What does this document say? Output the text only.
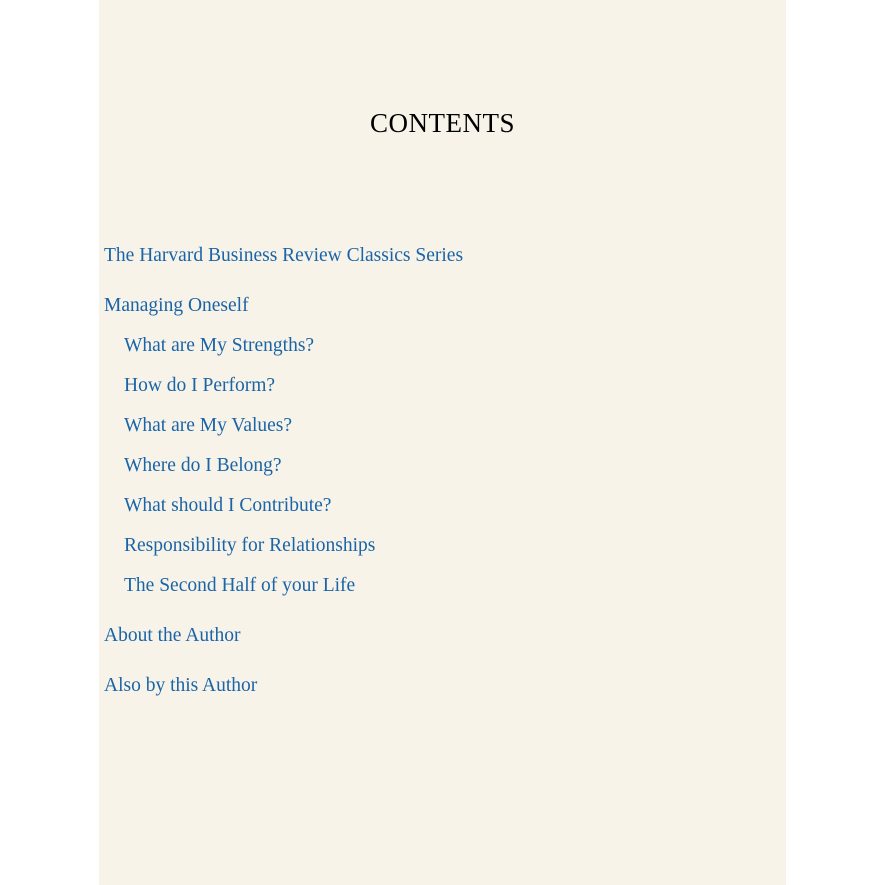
CONTENTS
The Harvard Business Review Classics Series
Managing Oneself
What are My Strengths?
How do I Perform?
What are My Values?
Where do I Belong?
What should I Contribute?
Responsibility for Relationships
The Second Half of your Life
About the Author
Also by this Author
